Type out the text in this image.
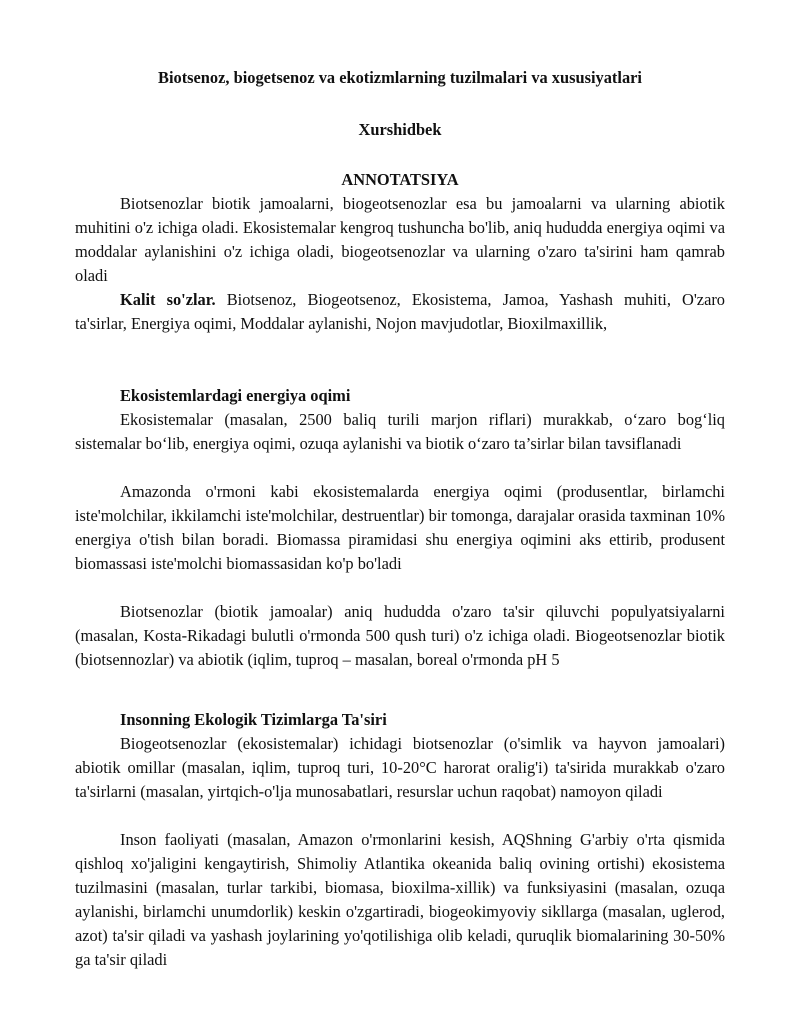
Biotsenoz, biogetsenoz va ekotizmlarning tuzilmalari va xususiyatlari
Xurshidbek
ANNOTATSIYA

Biotsenozlar biotik jamoalarni, biogeotsenozlar esa bu jamoalarni va ularning abiotik muhitini o'z ichiga oladi. Ekosistemalar kengroq tushuncha bo'lib, aniq hududda energiya oqimi va moddalar aylanishini o'z ichiga oladi, biogeotsenozlar va ularning o'zaro ta'sirini ham qamrab oladi

Kalit so'zlar. Biotsenoz, Biogeotsenoz, Ekosistema, Jamoa, Yashash muhiti, O'zaro ta'sirlar, Energiya oqimi, Moddalar aylanishi, Nojon mavjudotlar, Bioxilmaxillik,

Ekosistemlardagi energiya oqimi

Ekosistemalar (masalan, 2500 baliq turili marjon riflari) murakkab, o‘zaro bog‘liq sistemalar bo‘lib, energiya oqimi, ozuqa aylanishi va biotik o‘zaro ta’sirlar bilan tavsiflanadi

Amazonda o'rmoni kabi ekosistemalarda energiya oqimi (produsentlar, birlamchi iste'molchilar, ikkilamchi iste'molchilar, destruentlar) bir tomonga, darajalar orasida taxminan 10% energiya o'tish bilan boradi. Biomassa piramidasi shu energiya oqimini aks ettirib, produsent biomassasi iste'molchi biomassasidan ko'p bo'ladi

Biotsenozlar (biotik jamoalar) aniq hududda o'zaro ta'sir qiluvchi populyatsiyalarni (masalan, Kosta-Rikadagi bulutli o'rmonda 500 qush turi) o'z ichiga oladi. Biogeotsenozlar biotik (biotsennozlar) va abiotik (iqlim, tuproq – masalan, boreal o'rmonda pH 5

Insonning Ekologik Tizimlarga Ta'siri

Biogeotsenozlar (ekosistemalar) ichidagi biotsenozlar (o'simlik va hayvon jamoalari) abiotik omillar (masalan, iqlim, tuproq turi, 10-20°C harorat oralig'i) ta'sirida murakkab o'zaro ta'sirlarni (masalan, yirtqich-o'lja munosabatlari, resurslar uchun raqobat) namoyon qiladi

Inson faoliyati (masalan, Amazon o'rmonlarini kesish, AQShning G'arbiy o'rta qismida qishloq xo'jaligini kengaytirish, Shimoliy Atlantika okeanida baliq ovining ortishi) ekosistema tuzilmasini (masalan, turlar tarkibi, biomasa, bioxilma-xillik) va funksiyasini (masalan, ozuqa aylanishi, birlamchi unumdorlik) keskin o'zgartiradi, biogeokimyoviy sikllarga (masalan, uglerod, azot) ta'sir qiladi va yashash joylarining yo'qotilishiga olib keladi, quruqlik biomalarining 30-50% ga ta'sir qiladi
